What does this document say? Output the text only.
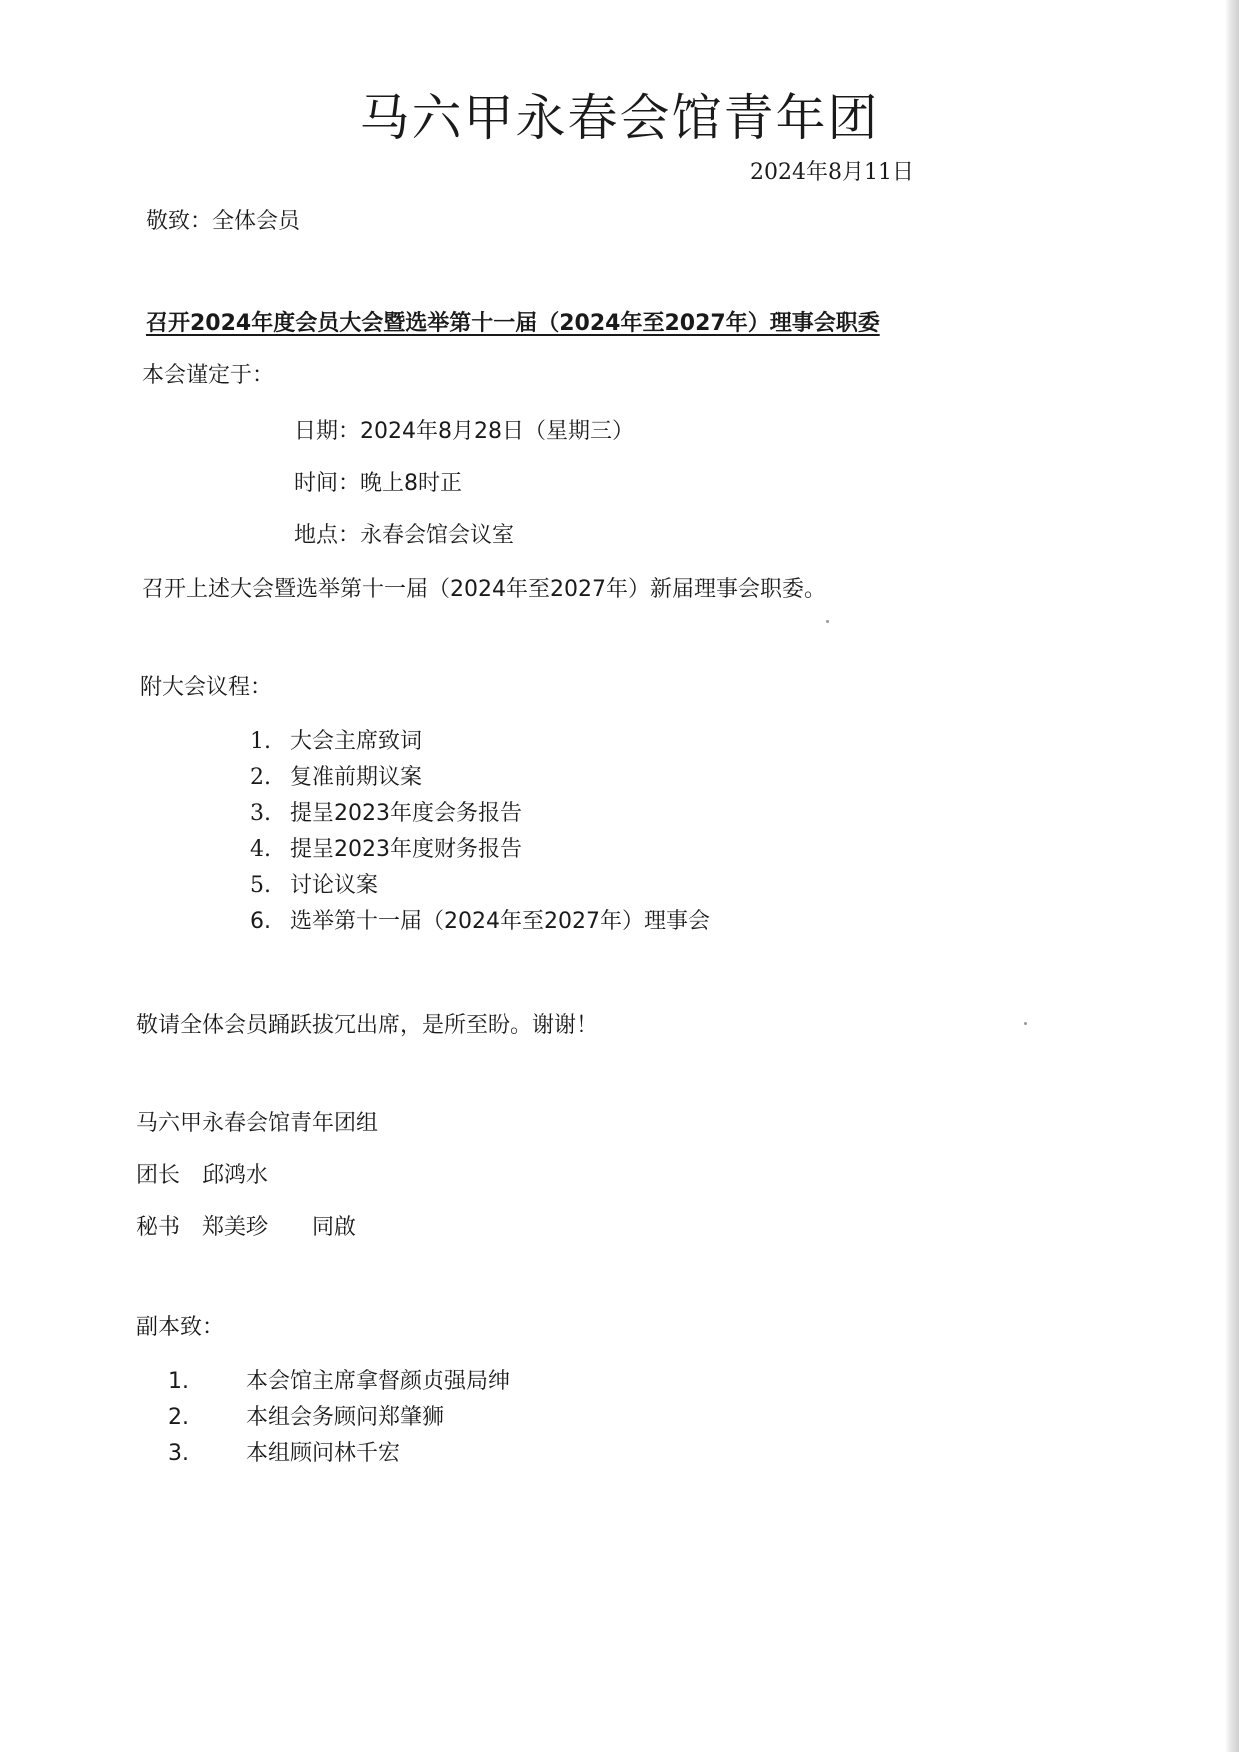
马六甲永春会馆青年团
2024年8月11日
敬致：全体会员
召开2024年度会员大会暨选举第十一届（2024年至2027年）理事会职委
本会谨定于：
日期：2024年8月28日（星期三）
时间：晚上8时正
地点：永春会馆会议室
召开上述大会暨选举第十一届（2024年至2027年）新届理事会职委。
附大会议程：
1. 大会主席致词
2. 复准前期议案
3. 提呈2023年度会务报告
4. 提呈2023年度财务报告
5. 讨论议案
6. 选举第十一届（2024年至2027年）理事会
敬请全体会员踊跃拔冗出席，是所至盼。谢谢！
马六甲永春会馆青年团组
团长　邱鸿水
秘书　郑美珍　　同啟
副本致：
1.	本会馆主席拿督颜贞强局绅
2.	本组会务顾问郑肇狮
3.	本组顾问林千宏
